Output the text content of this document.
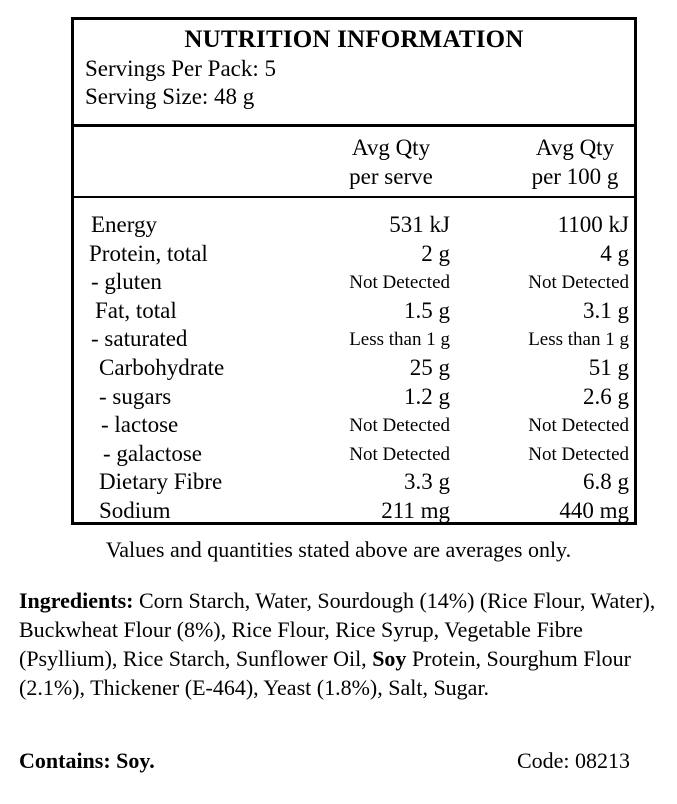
NUTRITION INFORMATION
Servings Per Pack: 5
Serving Size: 48 g
Avg Qty
per serve
Avg Qty
per 100 g
Energy	531 kJ	1100 kJ
Protein, total	2 g	4 g
- gluten	Not Detected	Not Detected
Fat, total	1.5 g	3.1 g
- saturated	Less than 1 g	Less than 1 g
Carbohydrate	25 g	51 g
- sugars	1.2 g	2.6 g
- lactose	Not Detected	Not Detected
- galactose	Not Detected	Not Detected
Dietary Fibre	3.3 g	6.8 g
Sodium	211 mg	440 mg
Values and quantities stated above are averages only.
Ingredients: Corn Starch, Water, Sourdough (14%) (Rice Flour, Water), Buckwheat Flour (8%), Rice Flour, Rice Syrup, Vegetable Fibre (Psyllium), Rice Starch, Sunflower Oil, Soy Protein, Sourghum Flour (2.1%), Thickener (E-464), Yeast (1.8%), Salt, Sugar.
Contains: Soy.	Code: 08213
